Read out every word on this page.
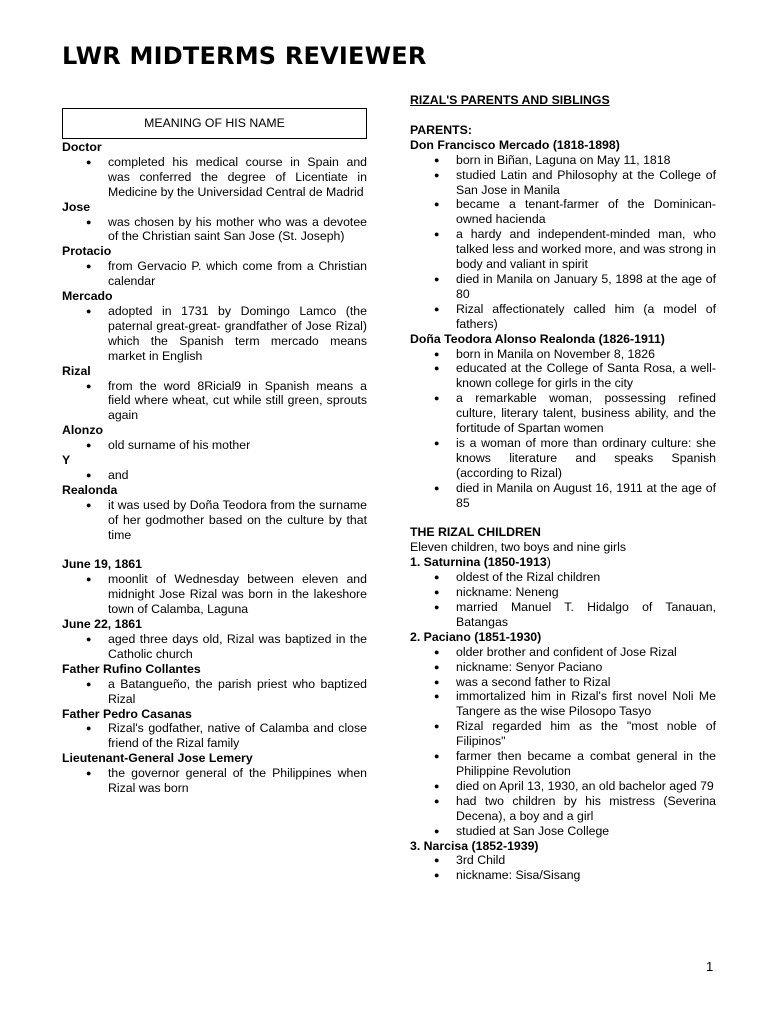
LWR MIDTERMS REVIEWER
MEANING OF HIS NAME
Doctor
● completed his medical course in Spain and was conferred the degree of Licentiate in Medicine by the Universidad Central de Madrid
Jose
● was chosen by his mother who was a devotee of the Christian saint San Jose (St. Joseph)
Protacio
● from Gervacio P. which come from a Christian calendar
Mercado
● adopted in 1731 by Domingo Lamco (the paternal great-great- grandfather of Jose Rizal) which the Spanish term mercado means market in English
Rizal
● from the word 8Ricial9 in Spanish means a field where wheat, cut while still green, sprouts again
Alonzo
● old surname of his mother
Y
● and
Realonda
● it was used by Doña Teodora from the surname of her godmother based on the culture by that time
June 19, 1861
● moonlit of Wednesday between eleven and midnight Jose Rizal was born in the lakeshore town of Calamba, Laguna
June 22, 1861
● aged three days old, Rizal was baptized in the Catholic church
Father Rufino Collantes
● a Batangueño, the parish priest who baptized Rizal
Father Pedro Casanas
● Rizal's godfather, native of Calamba and close friend of the Rizal family
Lieutenant-General Jose Lemery
● the governor general of the Philippines when Rizal was born
RIZAL'S PARENTS AND SIBLINGS
PARENTS:
Don Francisco Mercado (1818-1898)
● born in Biñan, Laguna on May 11, 1818
● studied Latin and Philosophy at the College of San Jose in Manila
● became a tenant-farmer of the Dominican-owned hacienda
● a hardy and independent-minded man, who talked less and worked more, and was strong in body and valiant in spirit
● died in Manila on January 5, 1898 at the age of 80
● Rizal affectionately called him (a model of fathers)
Doña Teodora Alonso Realonda (1826-1911)
● born in Manila on November 8, 1826
● educated at the College of Santa Rosa, a well-known college for girls in the city
● a remarkable woman, possessing refined culture, literary talent, business ability, and the fortitude of Spartan women
● is a woman of more than ordinary culture: she knows literature and speaks Spanish (according to Rizal)
● died in Manila on August 16, 1911 at the age of 85
THE RIZAL CHILDREN
Eleven children, two boys and nine girls
1. Saturnina (1850-1913)
● oldest of the Rizal children
● nickname: Neneng
● married Manuel T. Hidalgo of Tanauan, Batangas
2. Paciano (1851-1930)
● older brother and confident of Jose Rizal
● nickname: Senyor Paciano
● was a second father to Rizal
● immortalized him in Rizal's first novel Noli Me Tangere as the wise Pilosopo Tasyo
● Rizal regarded him as the "most noble of Filipinos"
● farmer then became a combat general in the Philippine Revolution
● died on April 13, 1930, an old bachelor aged 79
● had two children by his mistress (Severina Decena), a boy and a girl
● studied at San Jose College
3. Narcisa (1852-1939)
● 3rd Child
● nickname: Sisa/Sisang
1
